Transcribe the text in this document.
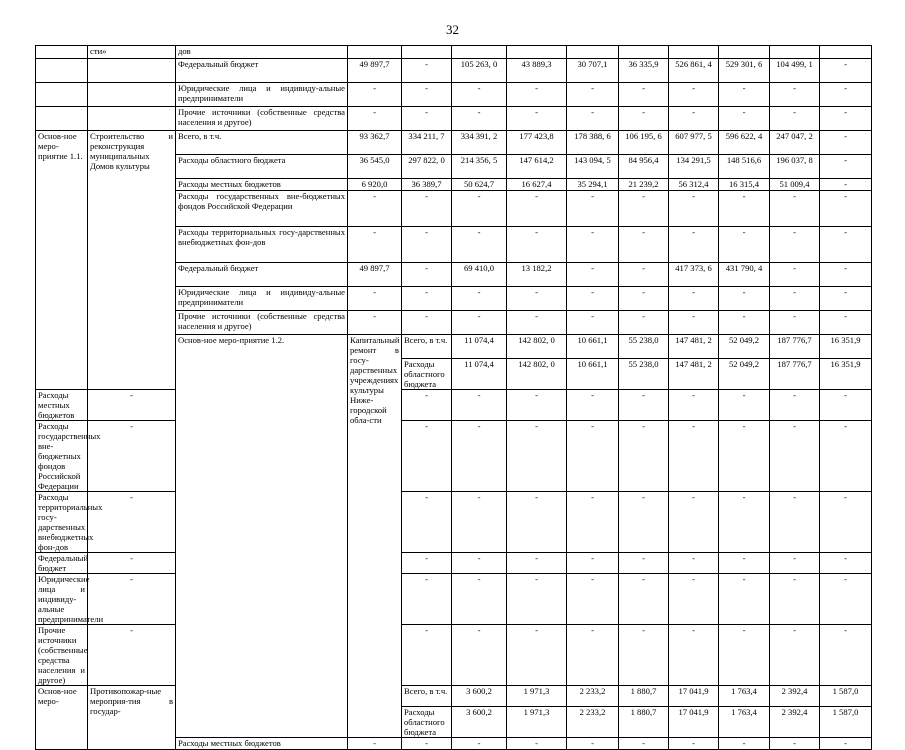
32
	сти»	дов											
		Федеральный бюджет	49 897,7	-	105 263, 0	43 889,3	30 707,1	36 335,9	526 861, 4	529 301, 6	104 499, 1	-	
		Юридические лица и индивиду-альные предприниматели	-	-	-	-	-	-	-	-	-	-	
		Прочие источники (собственные средства населения и другое)	-	-	-	-	-	-	-	-	-	-	
Основ-ное меро-приятие 1.1.	Строительство и реконструкция муниципальных Домов культуры	Всего, в т.ч.	93 362,7	334 211, 7	334 391, 2	177 423,8	178 388, 6	106 195, 6	607 977, 5	596 622, 4	247 047, 2	-	
		Расходы областного бюджета	36 545,0	297 822, 0	214 356, 5	147 614,2	143 094, 5	84 956,4	134 291,5	148 516,6	196 037, 8	-	
		Расходы местных бюджетов	6 920,0	36 389,7	50 624,7	16 627,4	35 294,1	21 239,2	56 312,4	16 315,4	51 009,4	-	
		Расходы государственных вне-бюджетных фондов Российской Федерации	-	-	-	-	-	-	-	-	-	-	
		Расходы территориальных госу-дарственных внебюджетных фон-дов	-	-	-	-	-	-	-	-	-	-	
		Федеральный бюджет	49 897,7	-	69 410,0	13 182,2	-	-	417 373, 6	431 790, 4	-	-	
		Юридические лица и индивиду-альные предприниматели	-	-	-	-	-	-	-	-	-	-	
		Прочие источники (собственные средства населения и другое)	-	-	-	-	-	-	-	-	-	-	
		Основ-ное меро-приятие 1.2.	Капитальный ремонт в госу-дарственных учреждениях культуры Ниже-городской обла-сти	Всего, в т.ч.	11 074,4	142 802, 0	10 661,1	55 238,0	147 481, 2	52 049,2	187 776,7	16 351,9		
				Расходы областного бюджета	11 074,4	142 802, 0	10 661,1	55 238,0	147 481, 2	52 049,2	187 776,7	16 351,9		
Расходы местных бюджетов	-			-	-	-	-	-	-	-	-	-	
Расходы государственных вне-бюджетных фондов Российской Федерации	-			-	-	-	-	-	-	-	-	-	
Расходы территориальных госу-дарственных внебюджетных фон-дов	-			-	-	-	-	-	-	-	-	-	
Федеральный бюджет	-			-	-	-	-	-	-	-	-	-	
Юридические лица и индивиду-альные предприниматели	-			-	-	-	-	-	-	-	-	-	
Прочие источники (собственные средства населения и другое)	-			-	-	-	-	-	-	-	-	-	
Основ-ное меро-	Противопожар-ные мероприя-тия в государ-			Всего, в т.ч.	3 600,2	1 971,3	2 233,2	1 880,7	17 041,9	1 763,4	2 392,4	1 587,0		
				Расходы областного бюджета	3 600,2	1 971,3	2 233,2	1 880,7	17 041,9	1 763,4	2 392,4	1 587,0		
		Расходы местных бюджетов	-	-	-	-	-	-	-	-	-	-	
